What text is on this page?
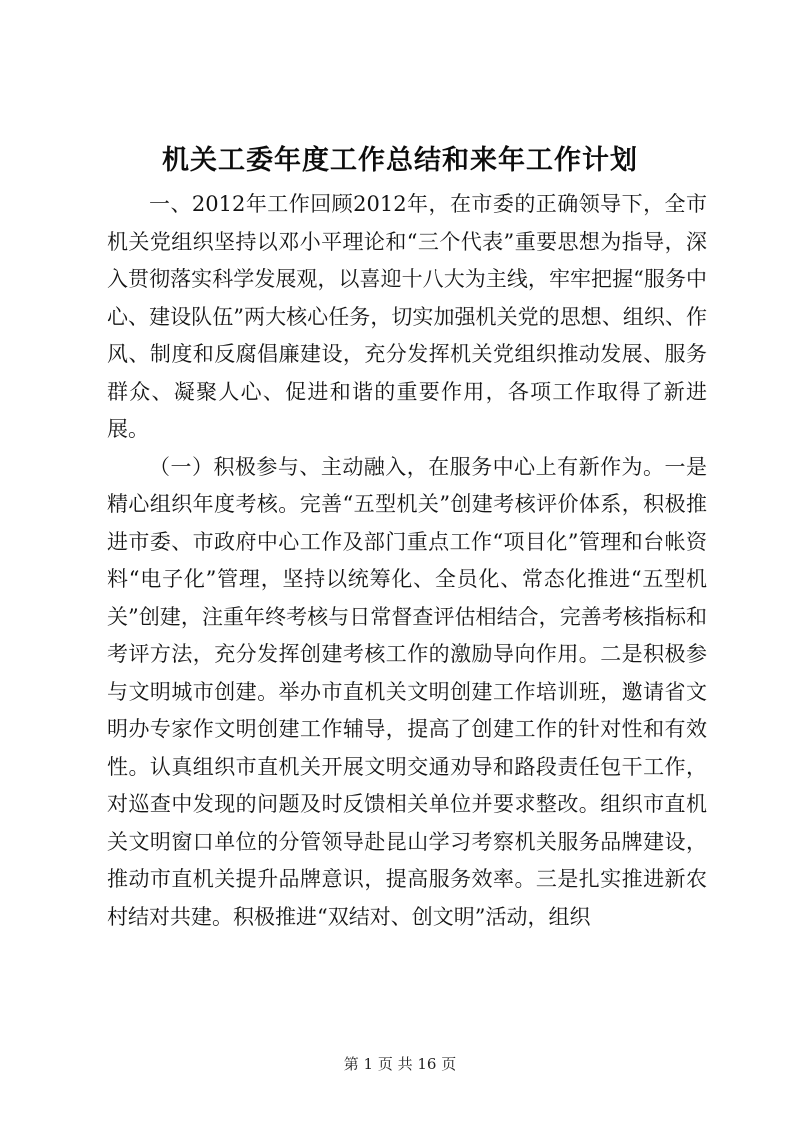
机关工委年度工作总结和来年工作计划

一、2012年工作回顾2012年，在市委的正确领导下，全市机关党组织坚持以邓小平理论和“三个代表”重要思想为指导，深入贯彻落实科学发展观，以喜迎十八大为主线，牢牢把握“服务中心、建设队伍”两大核心任务，切实加强机关党的思想、组织、作风、制度和反腐倡廉建设，充分发挥机关党组织推动发展、服务群众、凝聚人心、促进和谐的重要作用，各项工作取得了新进展。

（一）积极参与、主动融入，在服务中心上有新作为。一是精心组织年度考核。完善“五型机关”创建考核评价体系，积极推进市委、市政府中心工作及部门重点工作“项目化”管理和台帐资料“电子化”管理，坚持以统筹化、全员化、常态化推进“五型机关”创建，注重年终考核与日常督查评估相结合，完善考核指标和考评方法，充分发挥创建考核工作的激励导向作用。二是积极参与文明城市创建。举办市直机关文明创建工作培训班，邀请省文明办专家作文明创建工作辅导，提高了创建工作的针对性和有效性。认真组织市直机关开展文明交通劝导和路段责任包干工作，对巡查中发现的问题及时反馈相关单位并要求整改。组织市直机关文明窗口单位的分管领导赴昆山学习考察机关服务品牌建设，推动市直机关提升品牌意识，提高服务效率。三是扎实推进新农村结对共建。积极推进“双结对、创文明”活动，组织

第 1 页 共 16 页
